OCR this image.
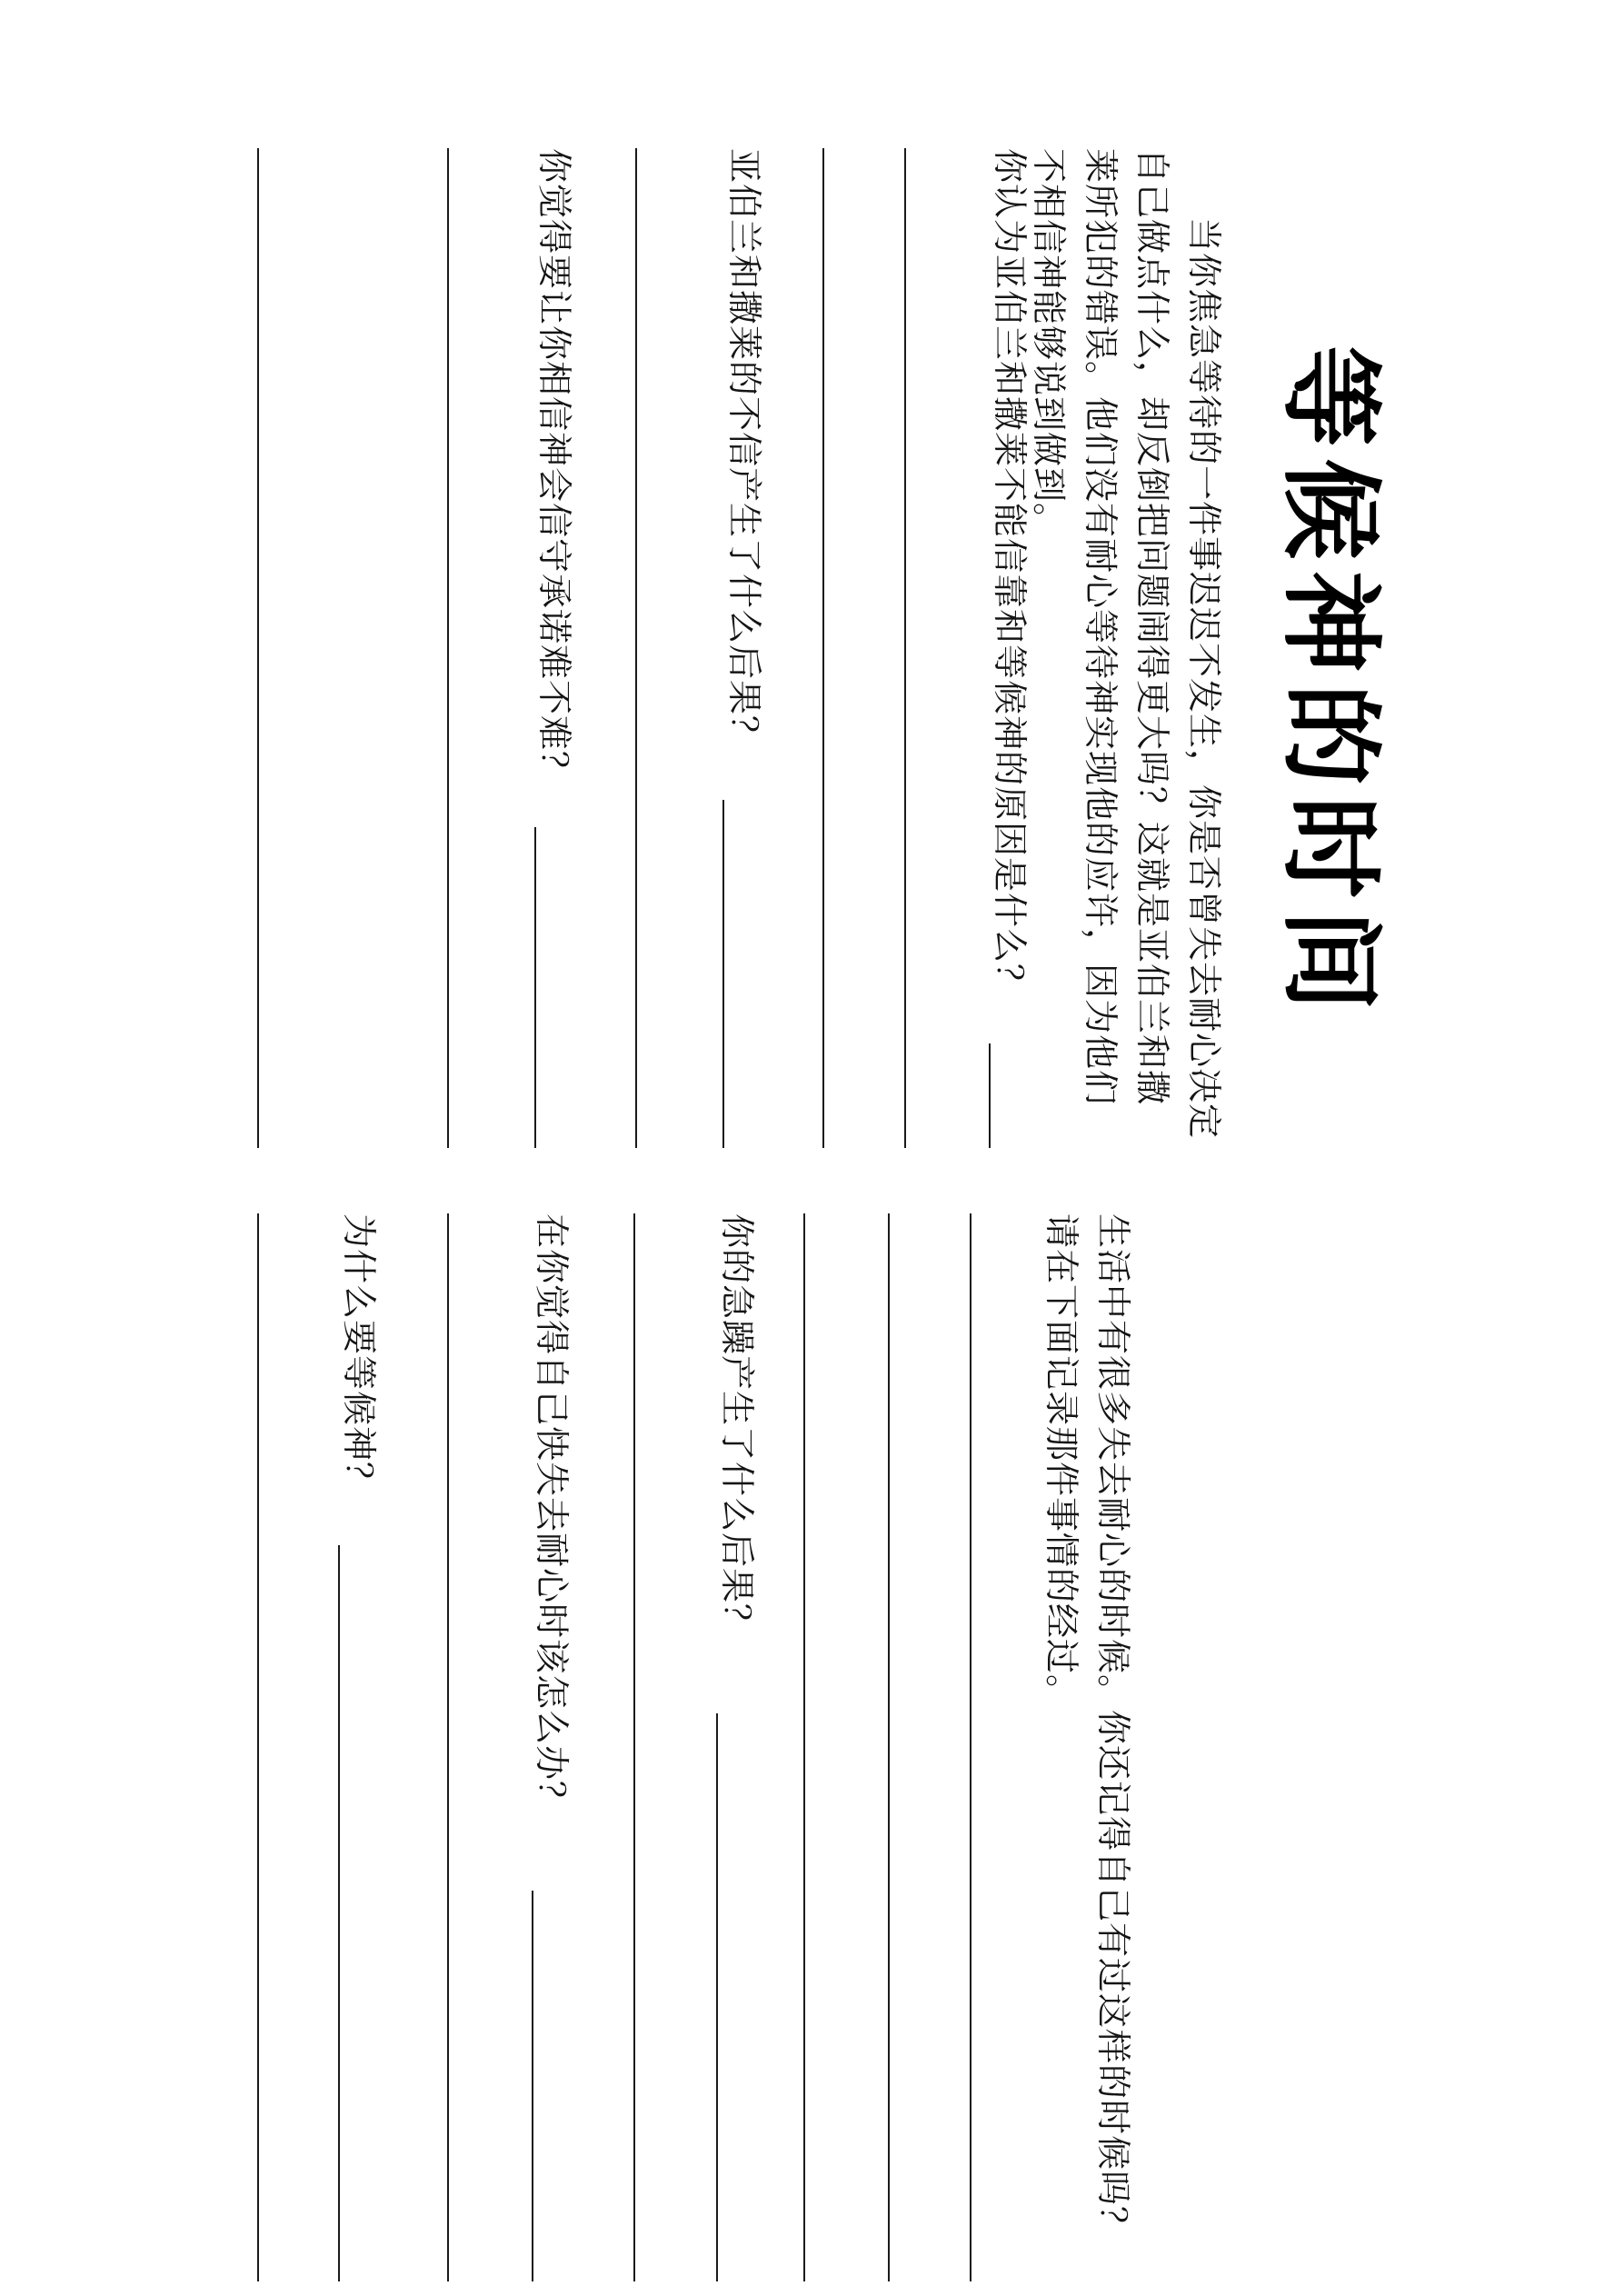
等候神的时间

当你焦急等待的一件事迟迟不发生，你是否曾失去耐心决定自己做点什么，却反倒把问题闹得更大吗？这就是亚伯兰和撒莱所犯的错误。他们没有耐心等待神实现他的应许，因为他们不相信神能够说到做到。

你认为亚伯兰和撒莱不能信靠和等候神的原因是什么？

亚伯兰和撒莱的不信产生了什么后果？

你觉得要让你相信神会信守承诺难不难？

生活中有很多失去耐心的时候。你还记得自己有过这样的时候吗？请在下面记录那件事情的经过。

你的急躁产生了什么后果？

在你觉得自己快失去耐心时该怎么办？

为什么要等候神？
